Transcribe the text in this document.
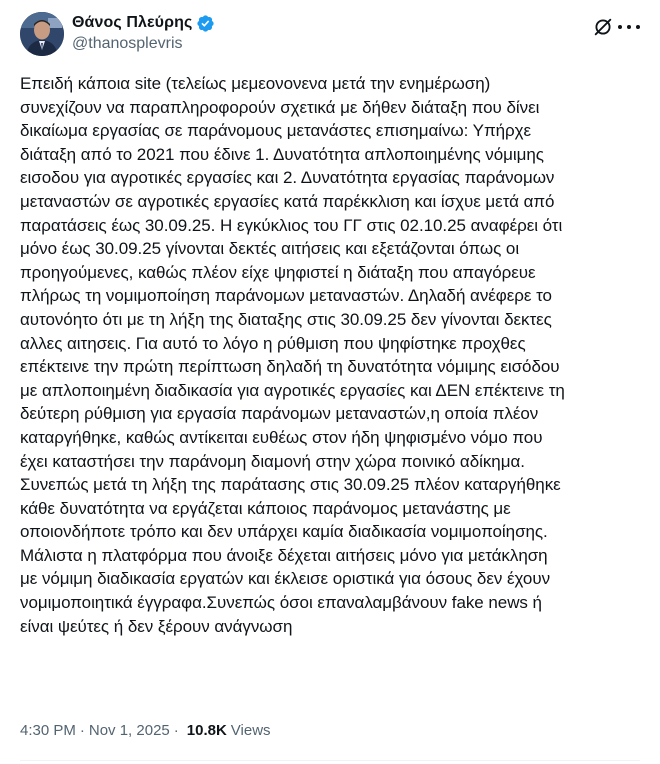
Θάνος Πλεύρης
@thanosplevris
Επειδή κάποια site (τελείως μεμεονονενα μετά την ενημέρωση)
συνεχίζουν να παραπληροφορούν σχετικά με δήθεν διάταξη που δίνει
δικαίωμα εργασίας σε παράνομους μετανάστες επισημαίνω: Υπήρχε
διάταξη από το 2021 που έδινε 1. Δυνατότητα απλοποιημένης νόμιμης
εισοδου για αγροτικές εργασίες και 2. Δυνατότητα εργασίας παράνομων
μεταναστών σε αγροτικές εργασίες κατά παρέκκλιση και ίσχυε μετά από
παρατάσεις έως 30.09.25. Η εγκύκλιος του ΓΓ στις 02.10.25 αναφέρει ότι
μόνο έως 30.09.25 γίνονται δεκτές αιτήσεις και εξετάζονται όπως οι
προηγούμενες, καθώς πλέον είχε ψηφιστεί η διάταξη που απαγόρευε
πλήρως τη νομιμοποίηση παράνομων μεταναστών. Δηλαδή ανέφερε το
αυτονόητο ότι με τη λήξη της διαταξης στις 30.09.25 δεν γίνονται δεκτες
αλλες αιτησεις. Για αυτό το λόγο η ρύθμιση που ψηφίστηκε προχθες
επέκτεινε την πρώτη περίπτωση δηλαδή τη δυνατότητα νόμιμης εισόδου
με απλοποιημένη διαδικασία για αγροτικές εργασίες και ΔΕΝ επέκτεινε τη
δεύτερη ρύθμιση για εργασία παράνομων μεταναστών,η οποία πλέον
καταργήθηκε, καθώς αντίκειται ευθέως στον ήδη ψηφισμένο νόμο που
έχει καταστήσει την παράνομη διαμονή στην χώρα ποινικό αδίκημα.
Συνεπώς μετά τη λήξη της παράτασης στις 30.09.25 πλέον καταργήθηκε
κάθε δυνατότητα να εργάζεται κάποιος παράνομος μετανάστης με
οποιονδήποτε τρόπο και δεν υπάρχει καμία διαδικασία νομιμοποίησης.
Μάλιστα η πλατφόρμα που άνοιξε δέχεται αιτήσεις μόνο για μετάκληση
με νόμιμη διαδικασία εργατών και έκλεισε οριστικά για όσους δεν έχουν
νομιμοποιητικά έγγραφα.Συνεπώς όσοι επαναλαμβάνουν fake news ή
είναι ψεύτες ή δεν ξέρουν ανάγνωση
4:30 PM · Nov 1, 2025 · 10.8K Views
